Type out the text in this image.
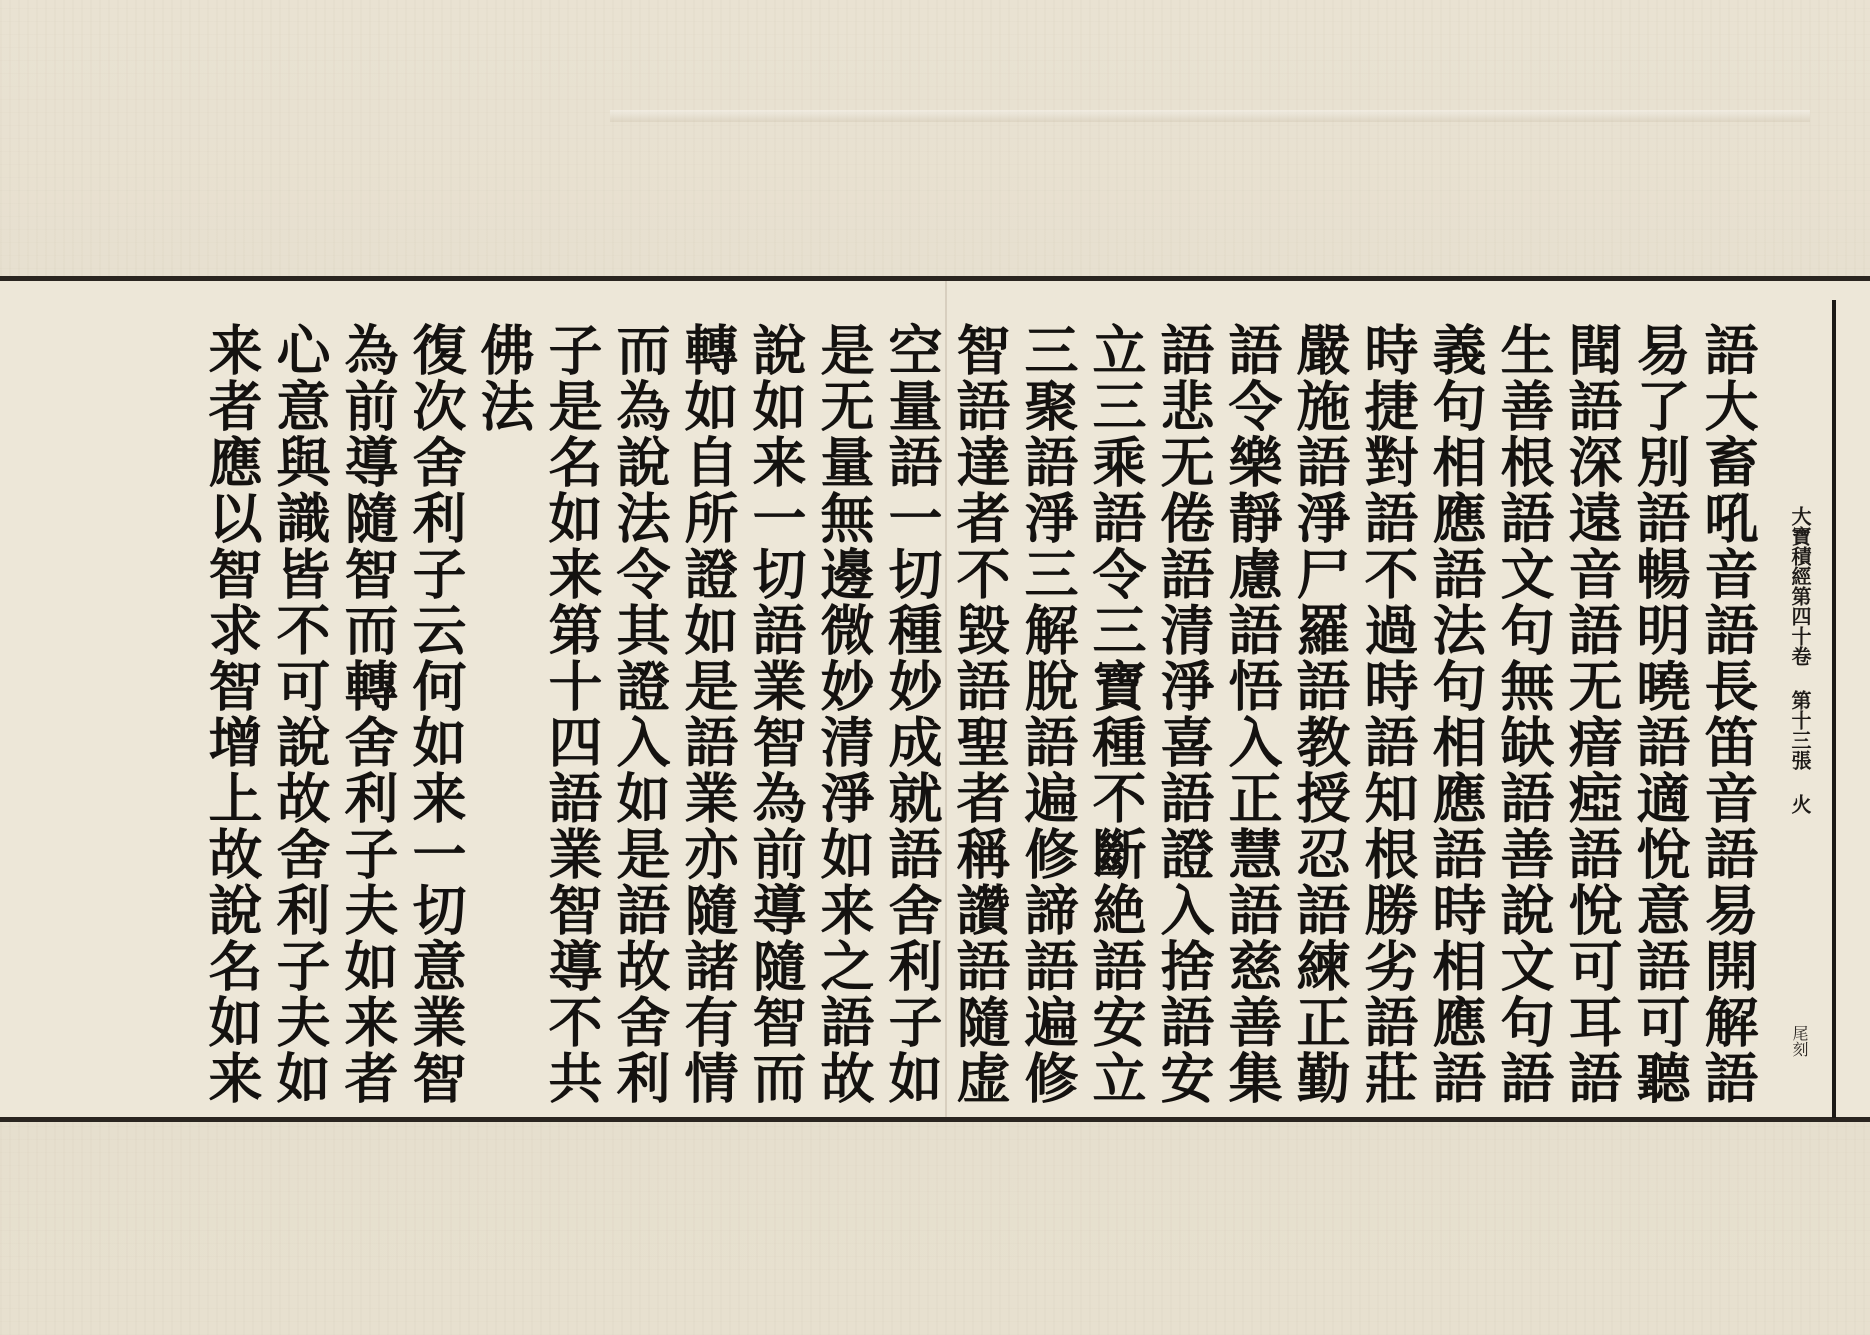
大寶積經第四十卷 第十三張 火
尾刻
語大畜吼音語長笛音語易開解語
易了別語暢明曉語適悅意語可聽
聞語深遠音語无瘖瘂語悅可耳語
生善根語文句無缺語善說文句語
義句相應語法句相應語時相應語
時捷對語不過時語知根勝劣語莊
嚴施語淨尸羅語教授忍語練正勤
語令樂靜慮語悟入正慧語慈善集
語悲无倦語清淨喜語證入捨語安
立三乘語令三寶種不斷絶語安立
三聚語淨三解脫語遍修諦語遍修
智語達者不毀語聖者稱讚語隨虚
空量語一切種妙成就語舍利子如
是无量無邊微妙清淨如来之語故
說如来一切語業智為前導隨智而
轉如自所證如是語業亦隨諸有情
而為說法令其證入如是語故舍利
子是名如来第十四語業智導不共
佛法
復次舍利子云何如来一切意業智
為前導隨智而轉舍利子夫如来者
心意與識皆不可說故舍利子夫如
来者應以智求智增上故說名如来
